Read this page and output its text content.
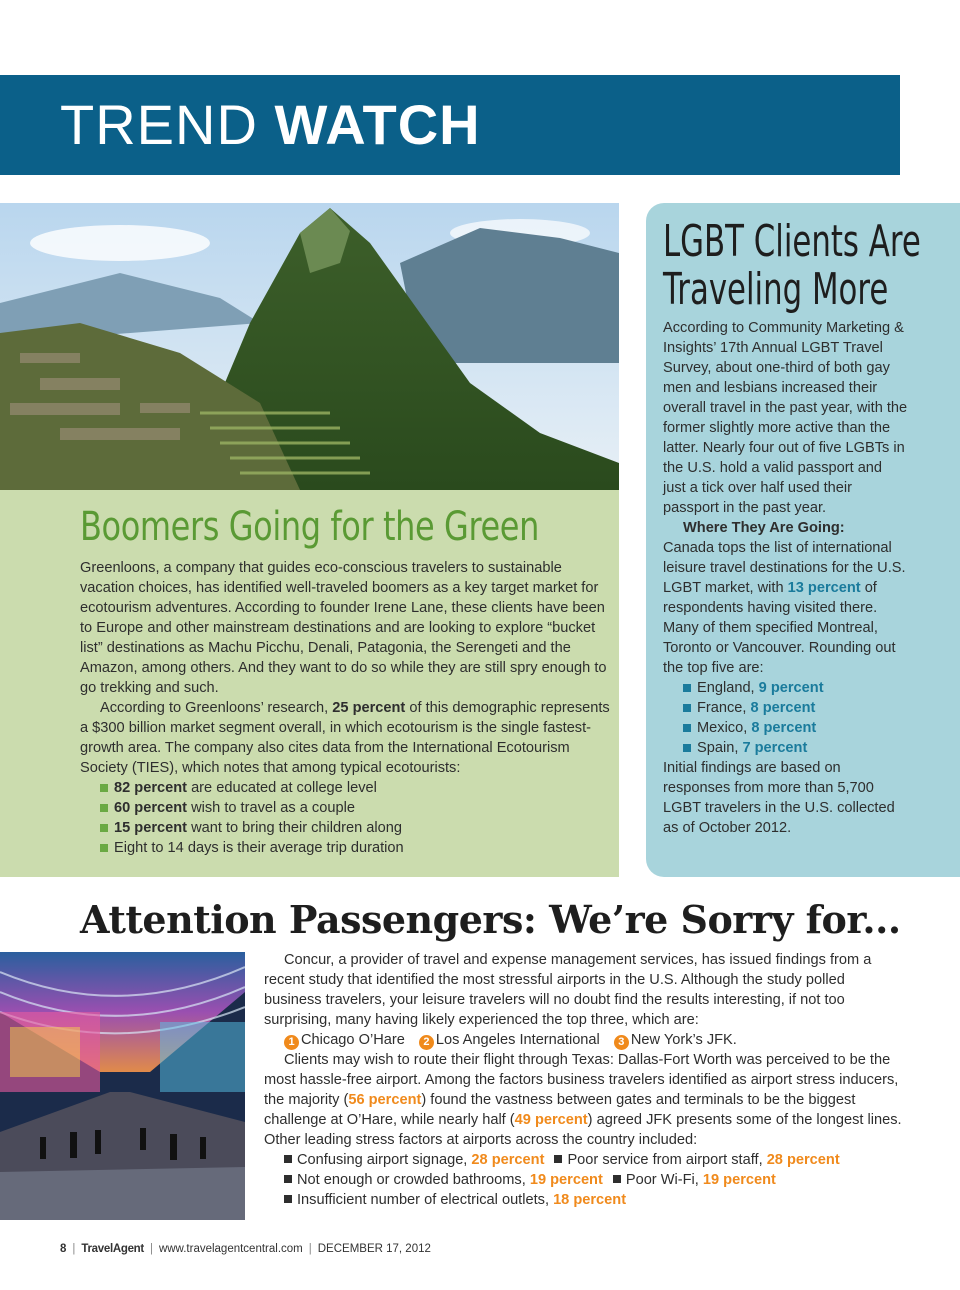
TREND WATCH
Boomers Going for the Green

Greenloons, a company that guides eco-conscious travelers to sustainable vacation choices, has identified well-traveled boomers as a key target market for ecotourism adventures. According to founder Irene Lane, these clients have been to Europe and other mainstream destinations and are looking to explore “bucket list” destinations as Machu Picchu, Denali, Patagonia, the Serengeti and the Amazon, among others. And they want to do so while they are still spry enough to go trekking and such.

According to Greenloons’ research, 25 percent of this demographic represents a $300 billion market segment overall, in which ecotourism is the single fastest-growth area. The company also cites data from the International Ecotourism Society (TIES), which notes that among typical ecotourists:

82 percent are educated at college level
60 percent wish to travel as a couple
15 percent want to bring their children along
Eight to 14 days is their average trip duration
LGBT Clients Are
Traveling More

According to Community Marketing & Insights’ 17th Annual LGBT Travel Survey, about one-third of both gay men and lesbians increased their overall travel in the past year, with the former slightly more active than the latter. Nearly four out of five LGBTs in the U.S. hold a valid passport and just a tick over half used their passport in the past year.

Where They Are Going:

Canada tops the list of international leisure travel destinations for the U.S. LGBT market, with 13 percent of respondents having visited there. Many of them specified Montreal, Toronto or Vancouver. Rounding out the top five are:

England, 9 percent
France, 8 percent
Mexico, 8 percent
Spain, 7 percent

Initial findings are based on responses from more than 5,700 LGBT travelers in the U.S. collected as of October 2012.

Attention Passengers: We’re Sorry for...

Concur, a provider of travel and expense management services, has issued findings from a recent study that identified the most stressful airports in the U.S. Although the study polled business travelers, your leisure travelers will no doubt find the results interesting, if not too surprising, many having likely experienced the top three, which are:

1 Chicago O’Hare 2 Los Angeles International 3 New York’s JFK.

Clients may wish to route their flight through Texas: Dallas-Fort Worth was perceived to be the most hassle-free airport. Among the factors business travelers identified as airport stress inducers, the majority (56 percent) found the vastness between gates and terminals to be the biggest challenge at O’Hare, while nearly half (49 percent) agreed JFK presents some of the longest lines. Other leading stress factors at airports across the country included:

Confusing airport signage, 28 percent Poor service from airport staff, 28 percent
Not enough or crowded bathrooms, 19 percent Poor Wi-Fi, 19 percent
Insufficient number of electrical outlets, 18 percent
8 | TravelAgent | www.travelagentcentral.com | DECEMBER 17, 2012
